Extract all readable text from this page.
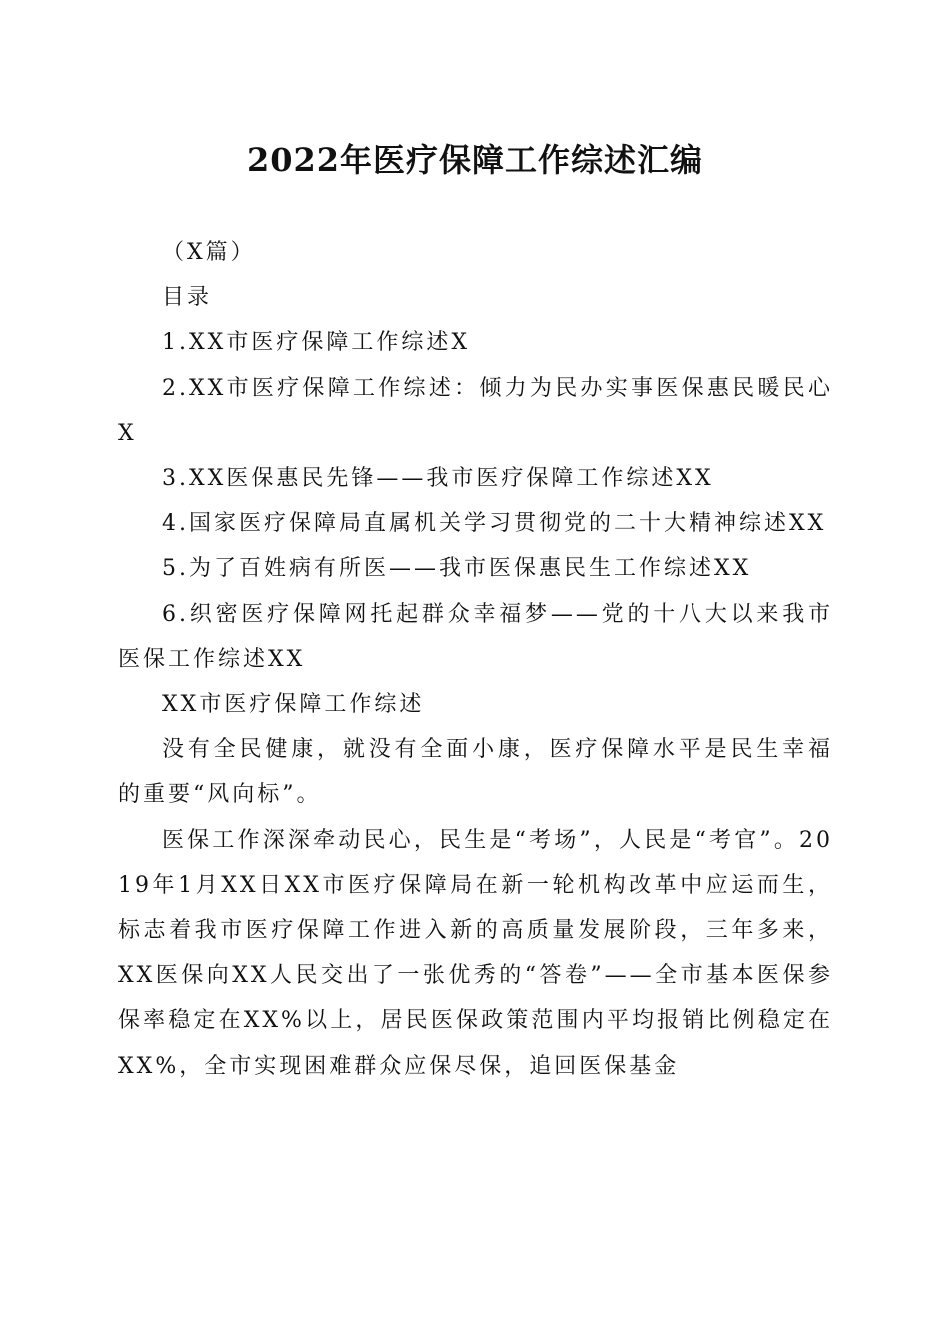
2022年医疗保障工作综述汇编

（X篇）

目录

1.XX市医疗保障工作综述X

2.XX市医疗保障工作综述：倾力为民办实事医保惠民暖民心X

3.XX医保惠民先锋——我市医疗保障工作综述XX

4.国家医疗保障局直属机关学习贯彻党的二十大精神综述XX

5.为了百姓病有所医——我市医保惠民生工作综述XX

6.织密医疗保障网托起群众幸福梦——党的十八大以来我市医保工作综述XX

XX市医疗保障工作综述

没有全民健康，就没有全面小康，医疗保障水平是民生幸福的重要“风向标”。

医保工作深深牵动民心，民生是“考场”，人民是“考官”。2019年1月XX日XX市医疗保障局在新一轮机构改革中应运而生，标志着我市医疗保障工作进入新的高质量发展阶段，三年多来，XX医保向XX人民交出了一张优秀的“答卷”——全市基本医保参保率稳定在XX%以上，居民医保政策范围内平均报销比例稳定在XX%，全市实现困难群众应保尽保，追回医保基金
